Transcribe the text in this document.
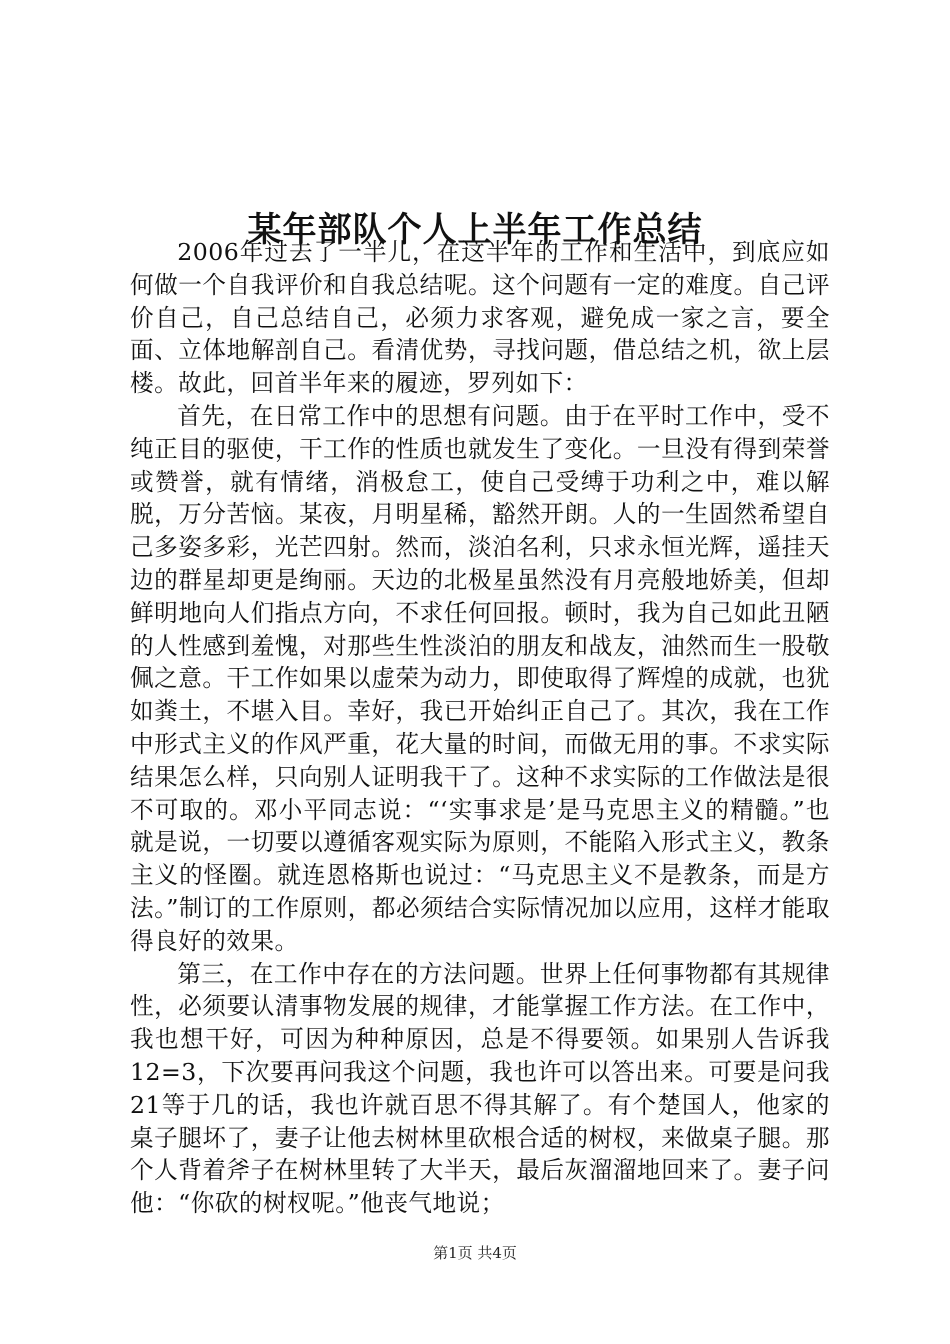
某年部队个人上半年工作总结

2006年过去了一半儿，在这半年的工作和生活中，到底应如何做一个自我评价和自我总结呢。这个问题有一定的难度。自己评价自己，自己总结自己，必须力求客观，避免成一家之言，要全面、立体地解剖自己。看清优势，寻找问题，借总结之机，欲上层楼。故此，回首半年来的履迹，罗列如下：

首先，在日常工作中的思想有问题。由于在平时工作中，受不纯正目的驱使，干工作的性质也就发生了变化。一旦没有得到荣誉或赞誉，就有情绪，消极怠工，使自己受缚于功利之中，难以解脱，万分苦恼。某夜，月明星稀，豁然开朗。人的一生固然希望自己多姿多彩，光芒四射。然而，淡泊名利，只求永恒光辉，遥挂天边的群星却更是绚丽。天边的北极星虽然没有月亮般地娇美，但却鲜明地向人们指点方向，不求任何回报。顿时，我为自己如此丑陋的人性感到羞愧，对那些生性淡泊的朋友和战友，油然而生一股敬佩之意。干工作如果以虚荣为动力，即使取得了辉煌的成就，也犹如粪土，不堪入目。幸好，我已开始纠正自己了。其次，我在工作中形式主义的作风严重，花大量的时间，而做无用的事。不求实际结果怎么样，只向别人证明我干了。这种不求实际的工作做法是很不可取的。邓小平同志说：“‘实事求是’是马克思主义的精髓。”也就是说，一切要以遵循客观实际为原则，不能陷入形式主义，教条主义的怪圈。就连恩格斯也说过：“马克思主义不是教条，而是方法。”制订的工作原则，都必须结合实际情况加以应用，这样才能取得良好的效果。

第三，在工作中存在的方法问题。世界上任何事物都有其规律性，必须要认清事物发展的规律，才能掌握工作方法。在工作中，我也想干好，可因为种种原因，总是不得要领。如果别人告诉我12=3，下次要再问我这个问题，我也许可以答出来。可要是问我21等于几的话，我也许就百思不得其解了。有个楚国人，他家的桌子腿坏了，妻子让他去树林里砍根合适的树杈，来做桌子腿。那个人背着斧子在树林里转了大半天，最后灰溜溜地回来了。妻子问他：“你砍的树杈呢。”他丧气地说；

第1页 共4页
